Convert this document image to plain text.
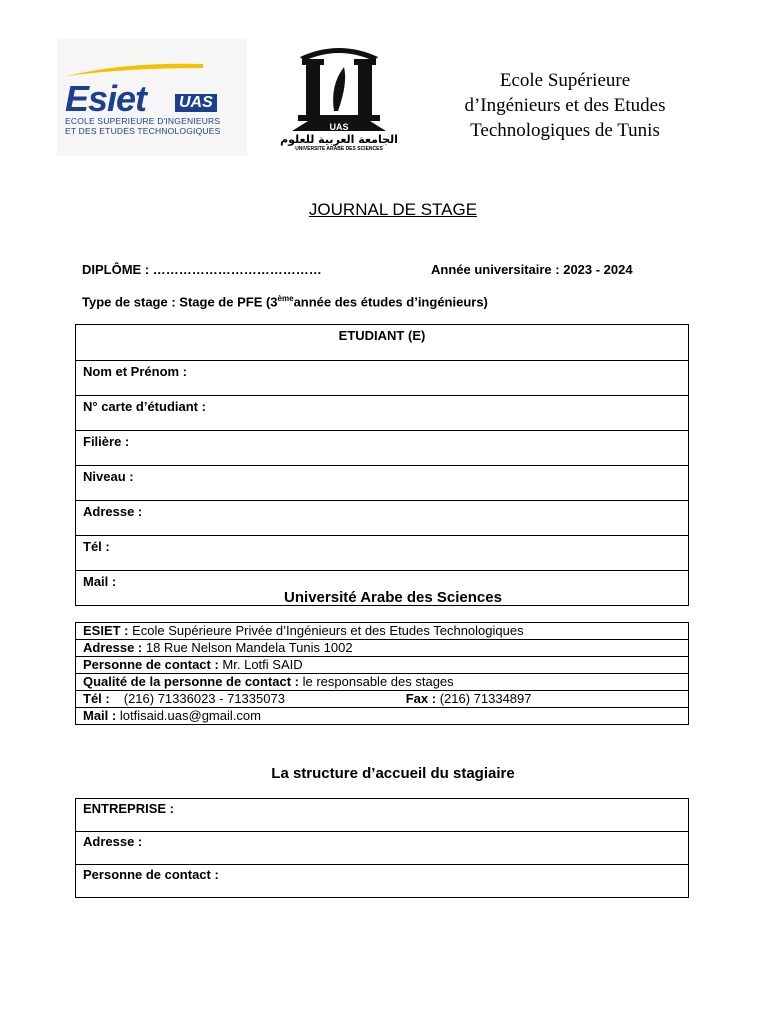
Esiet UAS
ECOLE SUPERIEURE D'INGENIEURS
ET DES ETUDES TECHNOLOGIQUES	UAS
الجامعة العربية للعلوم
UNIVERSITE ARABE DES SCIENCES
Ecole Supérieure
d’Ingénieurs et des Etudes
Technologiques de Tunis
JOURNAL DE STAGE
DIPLÔME : …………………………………	Année universitaire : 2023 - 2024
Type de stage : Stage de PFE (3èmeannée des études d’ingénieurs)
ETUDIANT (E)
Nom et Prénom :
N° carte d’étudiant :
Filière :
Niveau :
Adresse :
Tél :
Mail :
Université Arabe des Sciences
ESIET : Ecole Supérieure Privée d’Ingénieurs et des Etudes Technologiques
Adresse : 18 Rue Nelson Mandela Tunis 1002
Personne de contact : Mr. Lotfi SAID
Qualité de la personne de contact : le responsable des stages
Tél : (216) 71336023 - 71335073	Fax : (216) 71334897
Mail : lotfisaid.uas@gmail.com
La structure d’accueil du stagiaire
ENTREPRISE :
Adresse :
Personne de contact :
